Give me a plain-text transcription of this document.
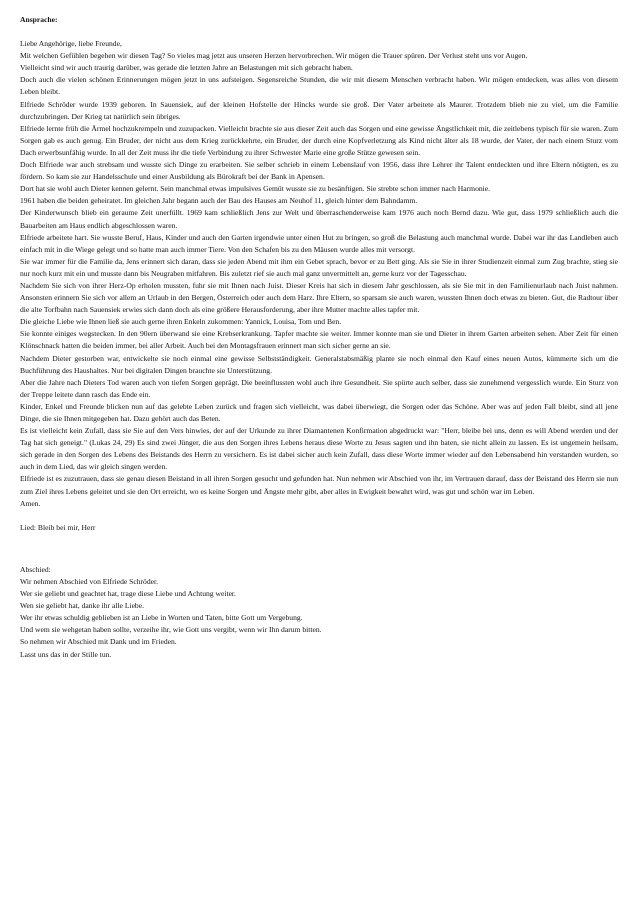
Ansprache:

Liebe Angehörige, liebe Freunde,

Mit welchen Gefühlen begehen wir diesen Tag? So vieles mag jetzt aus unseren Herzen hervorbrechen. Wir mögen die Trauer spüren. Der Verlust steht uns vor Augen.

Vielleicht sind wir auch traurig darüber, was gerade die letzten Jahre an Belastungen mit sich gebracht haben.

Doch auch die vielen schönen Erinnerungen mögen jetzt in uns aufsteigen. Segensreiche Stunden, die wir mit diesem Menschen verbracht haben. Wir mögen entdecken, was alles von diesem Leben bleibt.

Elfriede Schröder wurde 1939 geboren. In Sauensiek, auf der kleinen Hofstelle der Hincks wurde sie groß. Der Vater arbeitete als Maurer. Trotzdem blieb nie zu viel, um die Familie durchzubringen. Der Krieg tat natürlich sein übriges.

Elfriede lernte früh die Ärmel hochzukrempeln und zuzupacken. Vielleicht brachte sie aus dieser Zeit auch das Sorgen und eine gewisse Ängstlichkeit mit, die zeitlebens typisch für sie waren. Zum Sorgen gab es auch genug. Ein Bruder, der nicht aus dem Krieg zurückkehrte, ein Bruder, der durch eine Kopfverletzung als Kind nicht älter als 18 wurde, der Vater, der nach einem Sturz vom Dach erwerbsunfähig wurde. In all der Zeit muss ihr die tiefe Verbindung zu ihrer Schwester Marie eine große Stütze gewesen sein.

Doch Elfriede war auch strebsam und wusste sich Dinge zu erarbeiten. Sie selber schrieb in einem Lebenslauf von 1956, dass ihre Lehrer ihr Talent entdeckten und ihre Eltern nötigten, es zu fördern. So kam sie zur Handelsschule und einer Ausbildung als Bürokraft bei der Bank in Apensen.

Dort hat sie wohl auch Dieter kennen gelernt. Sein manchmal etwas impulsives Gemüt wusste sie zu besänftigen. Sie strebte schon immer nach Harmonie.

1961 haben die beiden geheiratet. Im gleichen Jahr begann auch der Bau des Hauses am Neuhof 11, gleich hinter dem Bahndamm.

Der Kinderwunsch blieb ein geraume Zeit unerfüllt. 1969 kam schließlich Jens zur Welt und überraschenderweise kam 1976 auch noch Bernd dazu. Wie gut, dass 1979 schließlich auch die Bauarbeiten am Haus endlich abgeschlossen waren.

Elfriede arbeitete hart. Sie wusste Beruf, Haus, Kinder und auch den Garten irgendwie unter einen Hut zu bringen, so groß die Belastung auch manchmal wurde. Dabei war ihr das Landleben auch einfach mit in die Wiege gelegt und so hatte man auch immer Tiere. Von den Schafen bis zu den Mäusen wurde alles mit versorgt.

Sie war immer für die Familie da, Jens erinnert sich daran, dass sie jeden Abend mit ihm ein Gebet sprach, bevor er zu Bett ging. Als sie Sie in ihrer Studienzeit einmal zum Zug brachte, stieg sie nur noch kurz mit ein und musste dann bis Neugraben mitfahren. Bis zuletzt rief sie auch mal ganz unvermittelt an, gerne kurz vor der Tagesschau.

Nachdem Sie sich von ihrer Herz-Op erholen mussten, fuhr sie mit Ihnen nach Juist. Dieser Kreis hat sich in diesem Jahr geschlossen, als sie Sie mit in den Familienurlaub nach Juist nahmen. Ansonsten erinnern Sie sich vor allem an Urlaub in den Bergen, Österreich oder auch dem Harz. Ihre Eltern, so sparsam sie auch waren, wussten Ihnen doch etwas zu bieten. Gut, die Radtour über die alte Torfbahn nach Sauensiek erwies sich dann doch als eine größere Herausforderung, aber ihre Mutter machte alles tapfer mit.

Die gleiche Liebe wie Ihnen ließ sie auch gerne ihren Enkeln zukommen: Yannick, Louisa, Tom und Ben.

Sie konnte einiges wegstecken. In den 90ern überwand sie eine Krebserkrankung. Tapfer machte sie weiter. Immer konnte man sie und Dieter in ihrem Garten arbeiten sehen. Aber Zeit für einen Klönschnack hatten die beiden immer, bei aller Arbeit. Auch bei den Montagsfrauen erinnert man sich sicher gerne an sie.

Nachdem Dieter gestorben war, entwickelte sie noch einmal eine gewisse Selbstständigkeit. Generalstabsmäßig plante sie noch einmal den Kauf eines neuen Autos, kümmerte sich um die Buchführung des Haushaltes. Nur bei digitalen Dingen brauchte sie Unterstützung.

Aber die Jahre nach Dieters Tod waren auch von tiefen Sorgen geprägt. Die beeinflussten wohl auch ihre Gesundheit. Sie spürte auch selber, dass sie zunehmend vergesslich wurde. Ein Sturz von der Treppe leitete dann rasch das Ende ein.

Kinder, Enkel und Freunde blicken nun auf das gelebte Leben zurück und fragen sich vielleicht, was dabei überwiegt, die Sorgen oder das Schöne. Aber was auf jeden Fall bleibt, sind all jene Dinge, die sie Ihnen mitgegeben hat. Dazu gehört auch das Beten.

Es ist vielleicht kein Zufall, dass sie Sie auf den Vers hinwies, der auf der Urkunde zu ihrer Diamantenen Konfirmation abgedruckt war: "Herr, bleibe bei uns, denn es will Abend werden und der Tag hat sich geneigt." (Lukas 24, 29) Es sind zwei Jünger, die aus den Sorgen ihres Lebens heraus diese Worte zu Jesus sagten und ihn baten, sie nicht allein zu lassen. Es ist ungemein heilsam, sich gerade in den Sorgen des Lebens des Beistands des Herrn zu versichern. Es ist dabei sicher auch kein Zufall, dass diese Worte immer wieder auf den Lebensabend hin verstanden wurden, so auch in dem Lied, das wir gleich singen werden.

Elfriede ist es zuzutrauen, dass sie genau diesen Beistand in all ihren Sorgen gesucht und gefunden hat. Nun nehmen wir Abschied von ihr, im Vertrauen darauf, dass der Beistand des Herrn sie nun zum Ziel ihres Lebens geleitet und sie den Ort erreicht, wo es keine Sorgen und Ängste mehr gibt, aber alles in Ewigkeit bewahrt wird, was gut und schön war im Leben.

Amen.

Lied: Bleib bei mir, Herr

Abschied:

Wir nehmen Abschied von Elfriede Schröder.

Wer sie geliebt und geachtet hat, trage diese Liebe und Achtung weiter.

Wen sie geliebt hat, danke ihr alle Liebe.

Wer ihr etwas schuldig geblieben ist an Liebe in Worten und Taten, bitte Gott um Vergebung.

Und wem sie wehgetan haben sollte, verzeihe ihr, wie Gott uns vergibt, wenn wir Ihn darum bitten.

So nehmen wir Abschied mit Dank und im Frieden.

Lasst uns das in der Stille tun.
